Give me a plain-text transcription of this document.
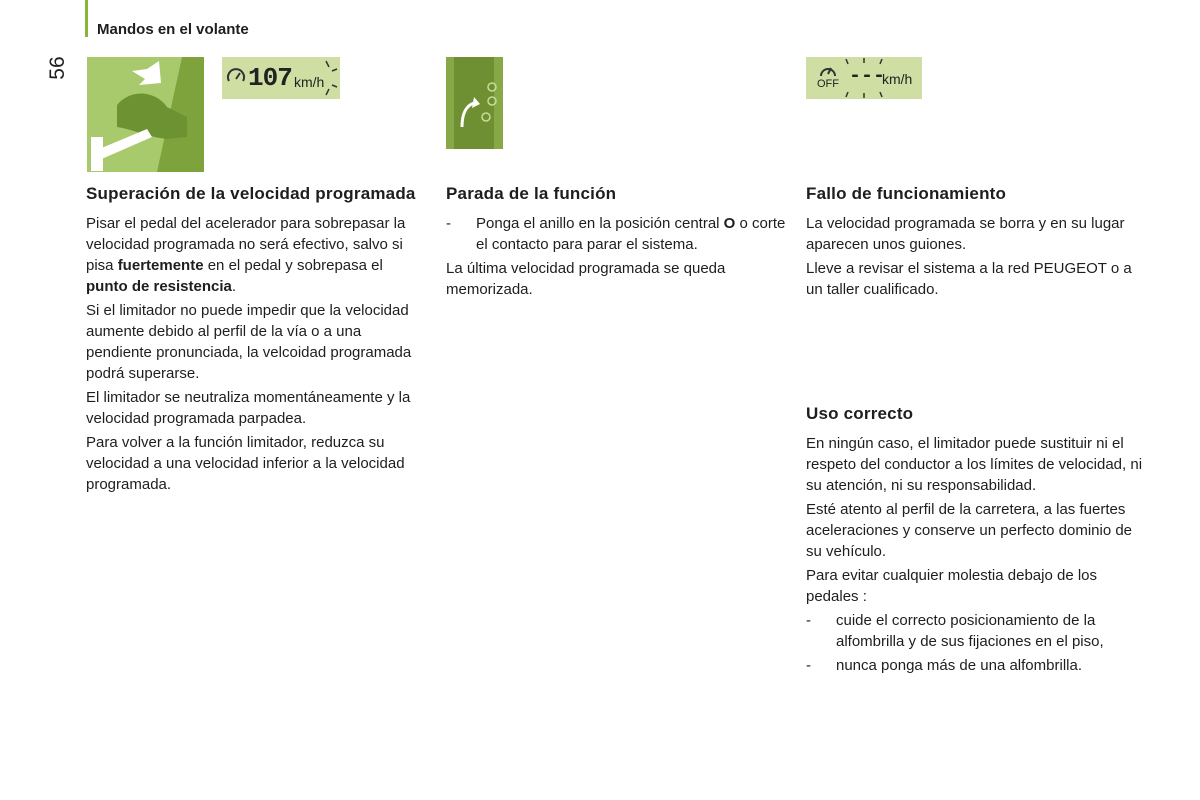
Mandos en el volante
56	107 km/h	OFF ---
km/h
Superación de la velocidad programada

Pisar el pedal del acelerador para sobrepasar la velocidad programada no será efectivo, salvo si pisa fuertemente en el pedal y sobrepasa el punto de resistencia.

Si el limitador no puede impedir que la velocidad aumente debido al perfil de la vía o a una pendiente pronunciada, la velcoidad programada podrá superarse.

El limitador se neutraliza momentáneamente y la velocidad programada parpadea.

Para volver a la función limitador, reduzca su velocidad a una velocidad inferior a la velocidad programada.

Parada de la función
-	Ponga el anillo en la posición central O o corte el contacto para parar el sistema.

La última velocidad programada se queda memorizada.

Fallo de funcionamiento

La velocidad programada se borra y en su lugar aparecen unos guiones.

Lleve a revisar el sistema a la red PEUGEOT o a un taller cualificado.

Uso correcto

En ningún caso, el limitador puede sustituir ni el respeto del conductor a los límites de velocidad, ni su atención, ni su responsabilidad.

Esté atento al perfil de la carretera, a las fuertes aceleraciones y conserve un perfecto dominio de su vehículo.

Para evitar cualquier molestia debajo de los pedales :

-	cuide el correcto posicionamiento de la alfombrilla y de sus fijaciones en el piso,
-	nunca ponga más de una alfombrilla.
